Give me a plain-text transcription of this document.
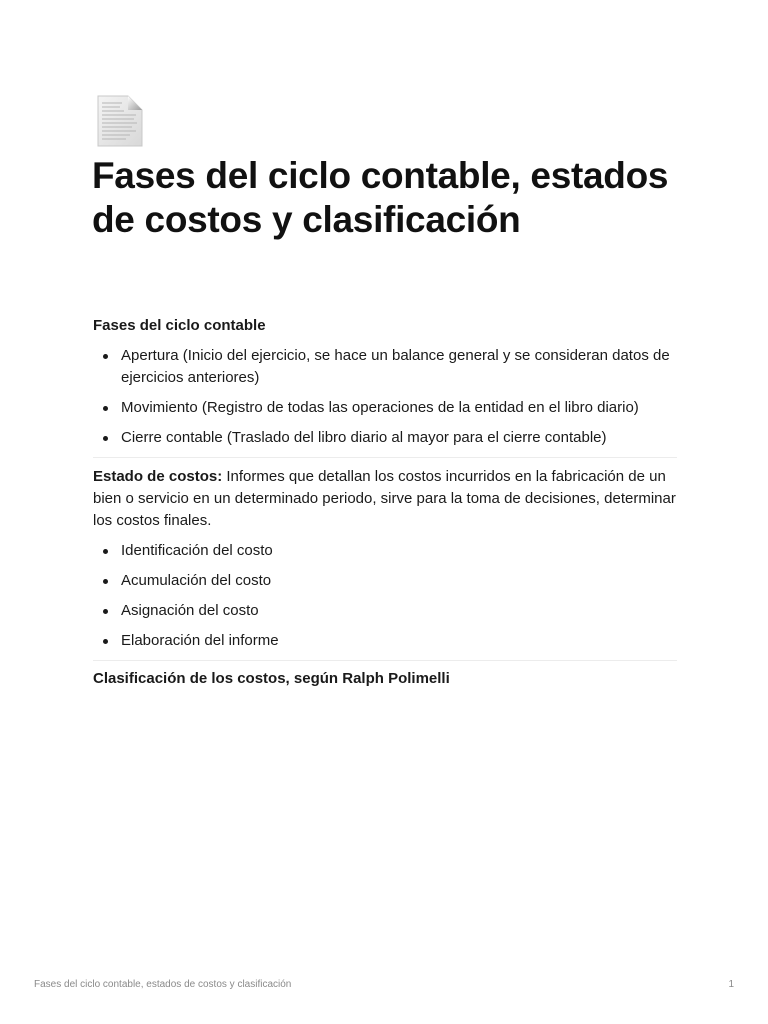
Fases del ciclo contable, estados de costos y clasificación

Fases del ciclo contable

Apertura (Inicio del ejercicio, se hace un balance general y se consideran datos de ejercicios anteriores)
Movimiento (Registro de todas las operaciones de la entidad en el libro diario)
Cierre contable (Traslado del libro diario al mayor para el cierre contable)

Estado de costos: Informes que detallan los costos incurridos en la fabricación de un bien o servicio en un determinado periodo, sirve para la toma de decisiones, determinar los costos finales.

Identificación del costo
Acumulación del costo
Asignación del costo
Elaboración del informe

Clasificación de los costos, según Ralph Polimelli

Fases del ciclo contable, estados de costos y clasificación	1
